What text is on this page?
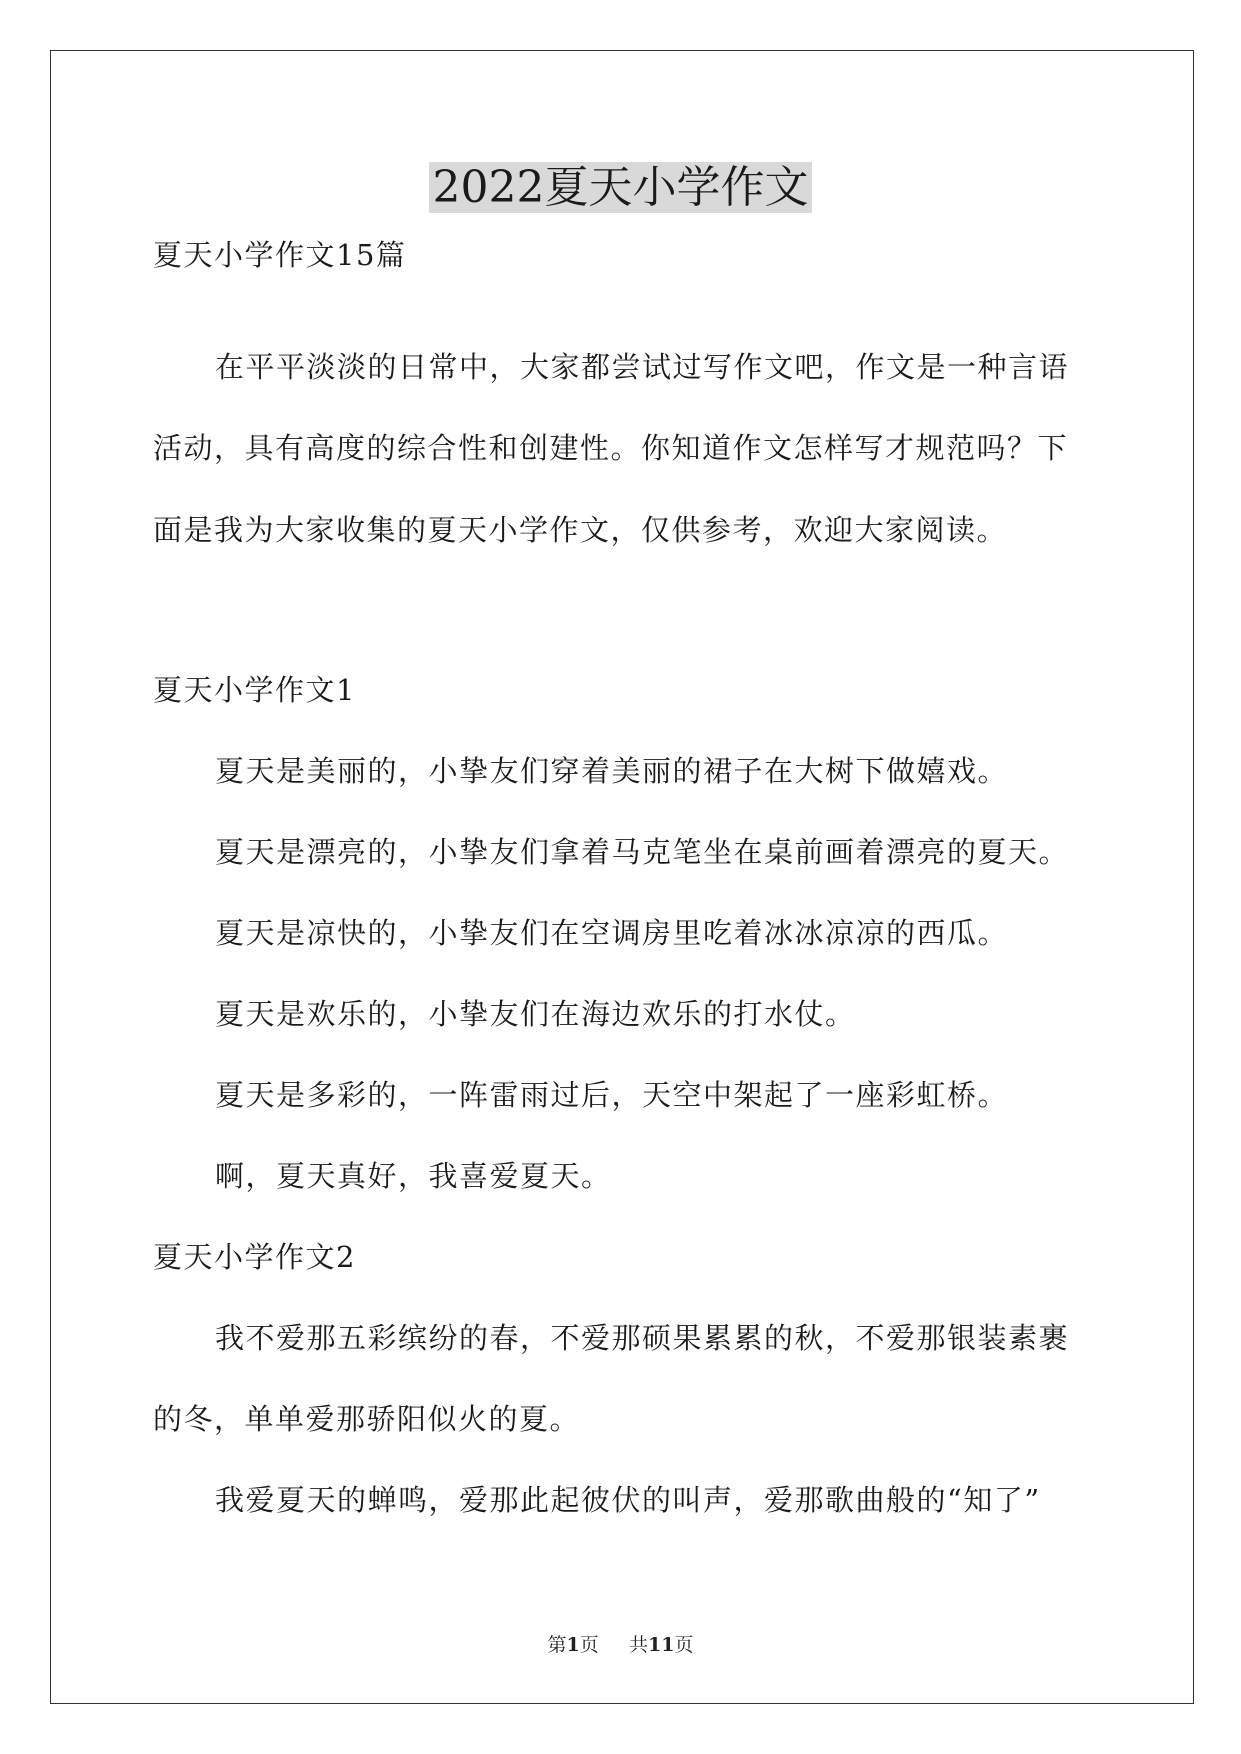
2022夏天小学作文
夏天小学作文15篇
在平平淡淡的日常中，大家都尝试过写作文吧，作文是一种言语
活动，具有高度的综合性和创建性。你知道作文怎样写才规范吗？下
面是我为大家收集的夏天小学作文，仅供参考，欢迎大家阅读。
夏天小学作文1
夏天是美丽的，小挚友们穿着美丽的裙子在大树下做嬉戏。
夏天是漂亮的，小挚友们拿着马克笔坐在桌前画着漂亮的夏天。
夏天是凉快的，小挚友们在空调房里吃着冰冰凉凉的西瓜。
夏天是欢乐的，小挚友们在海边欢乐的打水仗。
夏天是多彩的，一阵雷雨过后，天空中架起了一座彩虹桥。
啊，夏天真好，我喜爱夏天。
夏天小学作文2
我不爱那五彩缤纷的春，不爱那硕果累累的秋，不爱那银装素裹
的冬，单单爱那骄阳似火的夏。
我爱夏天的蝉鸣，爱那此起彼伏的叫声，爱那歌曲般的“知了”
第1页 共11页
